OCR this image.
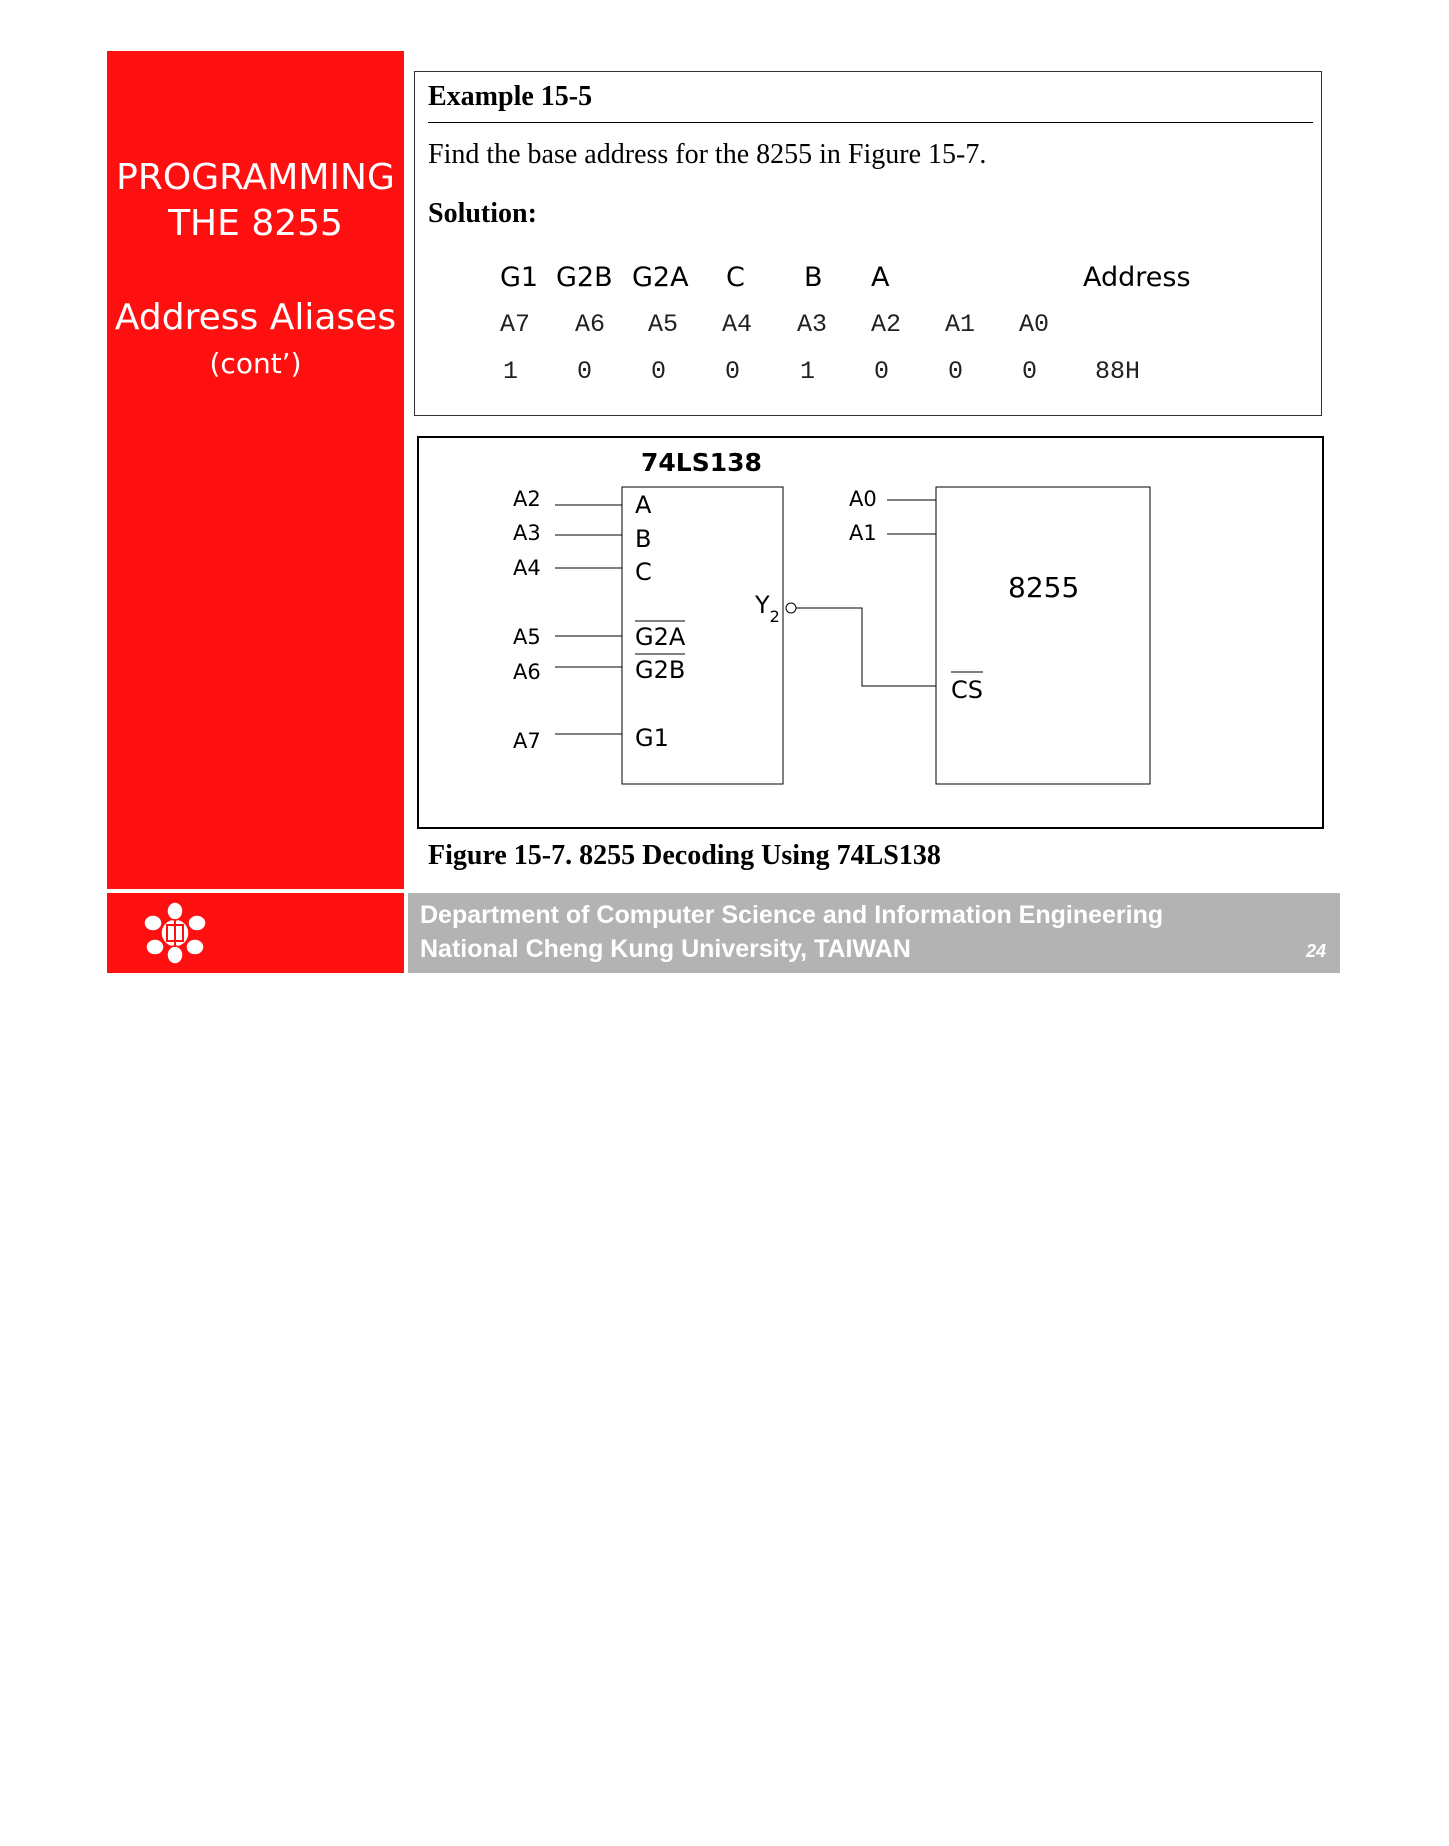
PROGRAMMING
THE 8255
Address Aliases
(cont’)
HANEL
Example 15-5
Find the base address for the 8255 in Figure 15-7.
Solution:
G1 G2B G2A C B A	Address
A7 A6 A5 A4 A3 A2 A1 A0
1 0 0 0 1 0 0 0 88H
74LS138
A2
A3
A4
A5
A6
A7
A
B
C
G2A
G2B
G1
$Y_2$
A0
A1
8255
CS
Figure 15-7. 8255 Decoding Using 74LS138
Department of Computer Science and Information Engineering
National Cheng Kung University, TAIWAN	24
